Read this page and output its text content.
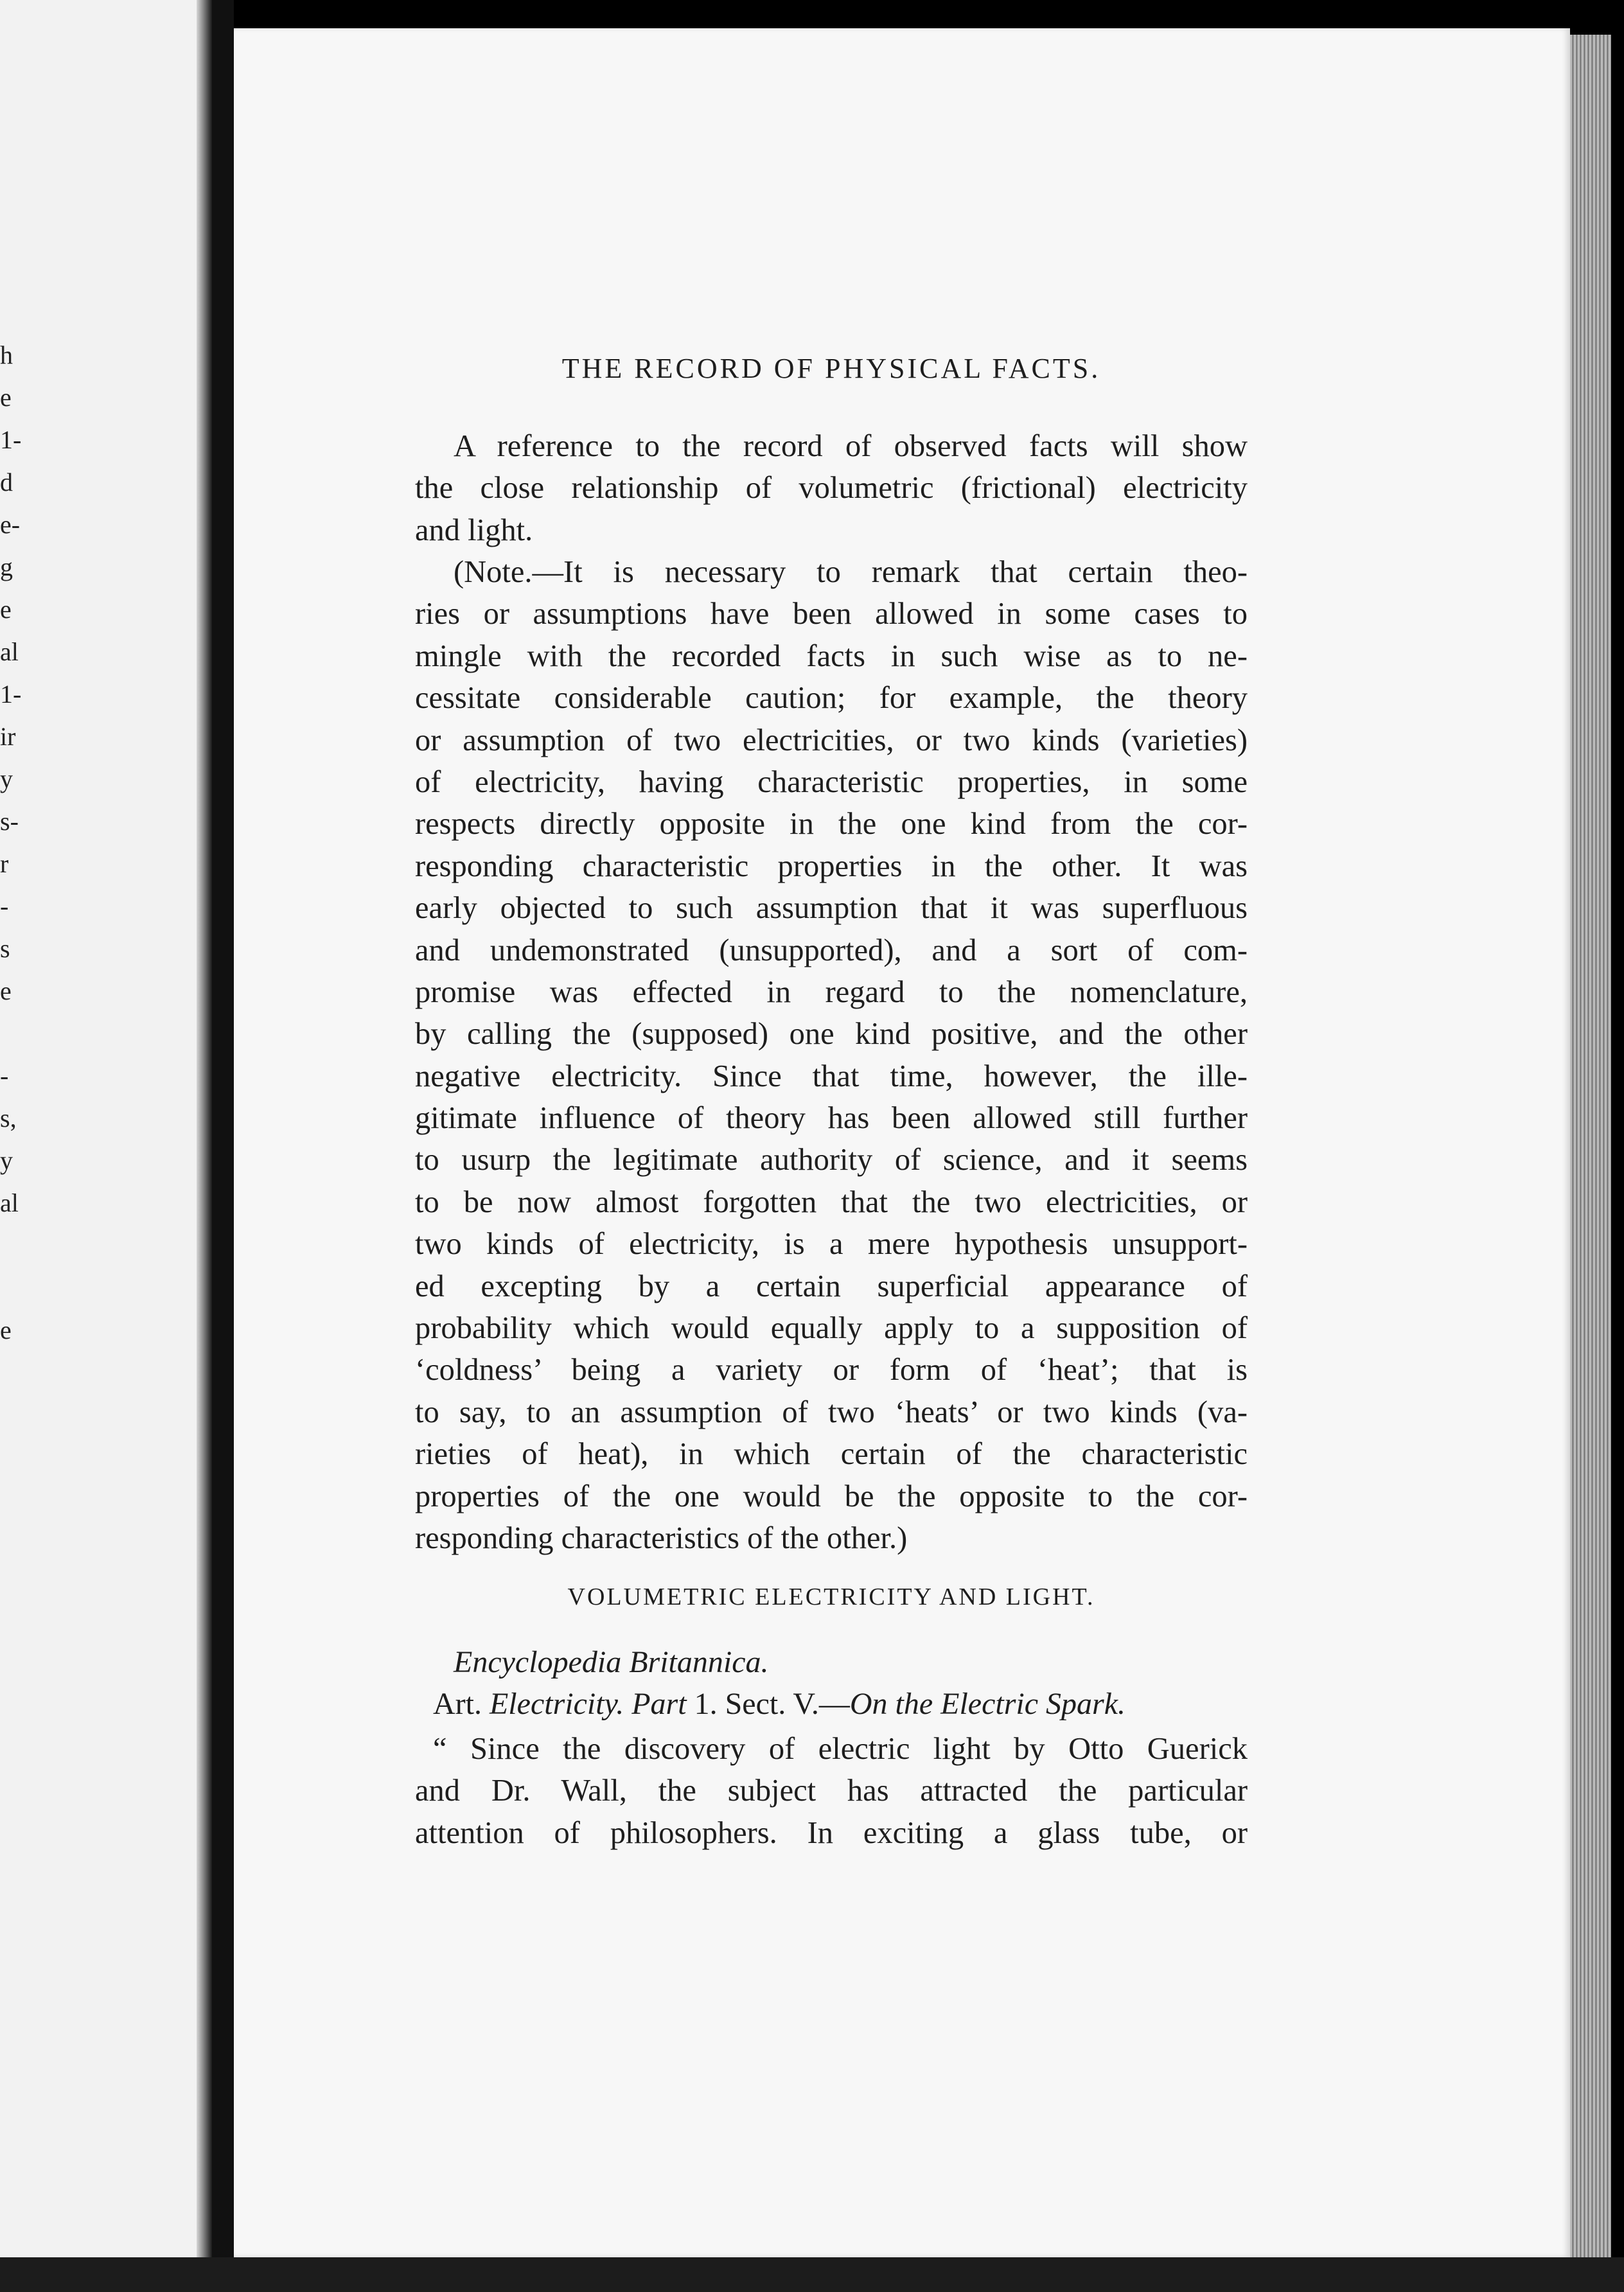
h
e
1-
d
e-
g
e
al
1-
ir
y
s-
r
-
s
e
-
s,
y
al
e
THE RECORD OF PHYSICAL FACTS.
A reference to the record of observed facts will show
the close relationship of volumetric (frictional) electricity
and light.
(Note.—It is necessary to remark that certain theo-
ries or assumptions have been allowed in some cases to
mingle with the recorded facts in such wise as to ne-
cessitate considerable caution; for example, the theory
or assumption of two electricities, or two kinds (varieties)
of electricity, having characteristic properties, in some
respects directly opposite in the one kind from the cor-
responding characteristic properties in the other. It was
early objected to such assumption that it was superfluous
and undemonstrated (unsupported), and a sort of com-
promise was effected in regard to the nomenclature,
by calling the (supposed) one kind positive, and the other
negative electricity. Since that time, however, the ille-
gitimate influence of theory has been allowed still further
to usurp the legitimate authority of science, and it seems
to be now almost forgotten that the two electricities, or
two kinds of electricity, is a mere hypothesis unsupport-
ed excepting by a certain superficial appearance of
probability which would equally apply to a supposition of
‘coldness’ being a variety or form of ‘heat’; that is
to say, to an assumption of two ‘heats’ or two kinds (va-
rieties of heat), in which certain of the characteristic
properties of the one would be the opposite to the cor-
responding characteristics of the other.)
VOLUMETRIC ELECTRICITY AND LIGHT.
Encyclopedia Britannica.
Art. Electricity. Part 1. Sect. V.—On the Electric Spark.
“ Since the discovery of electric light by Otto Guerick
and Dr. Wall, the subject has attracted the particular
attention of philosophers. In exciting a glass tube, or
